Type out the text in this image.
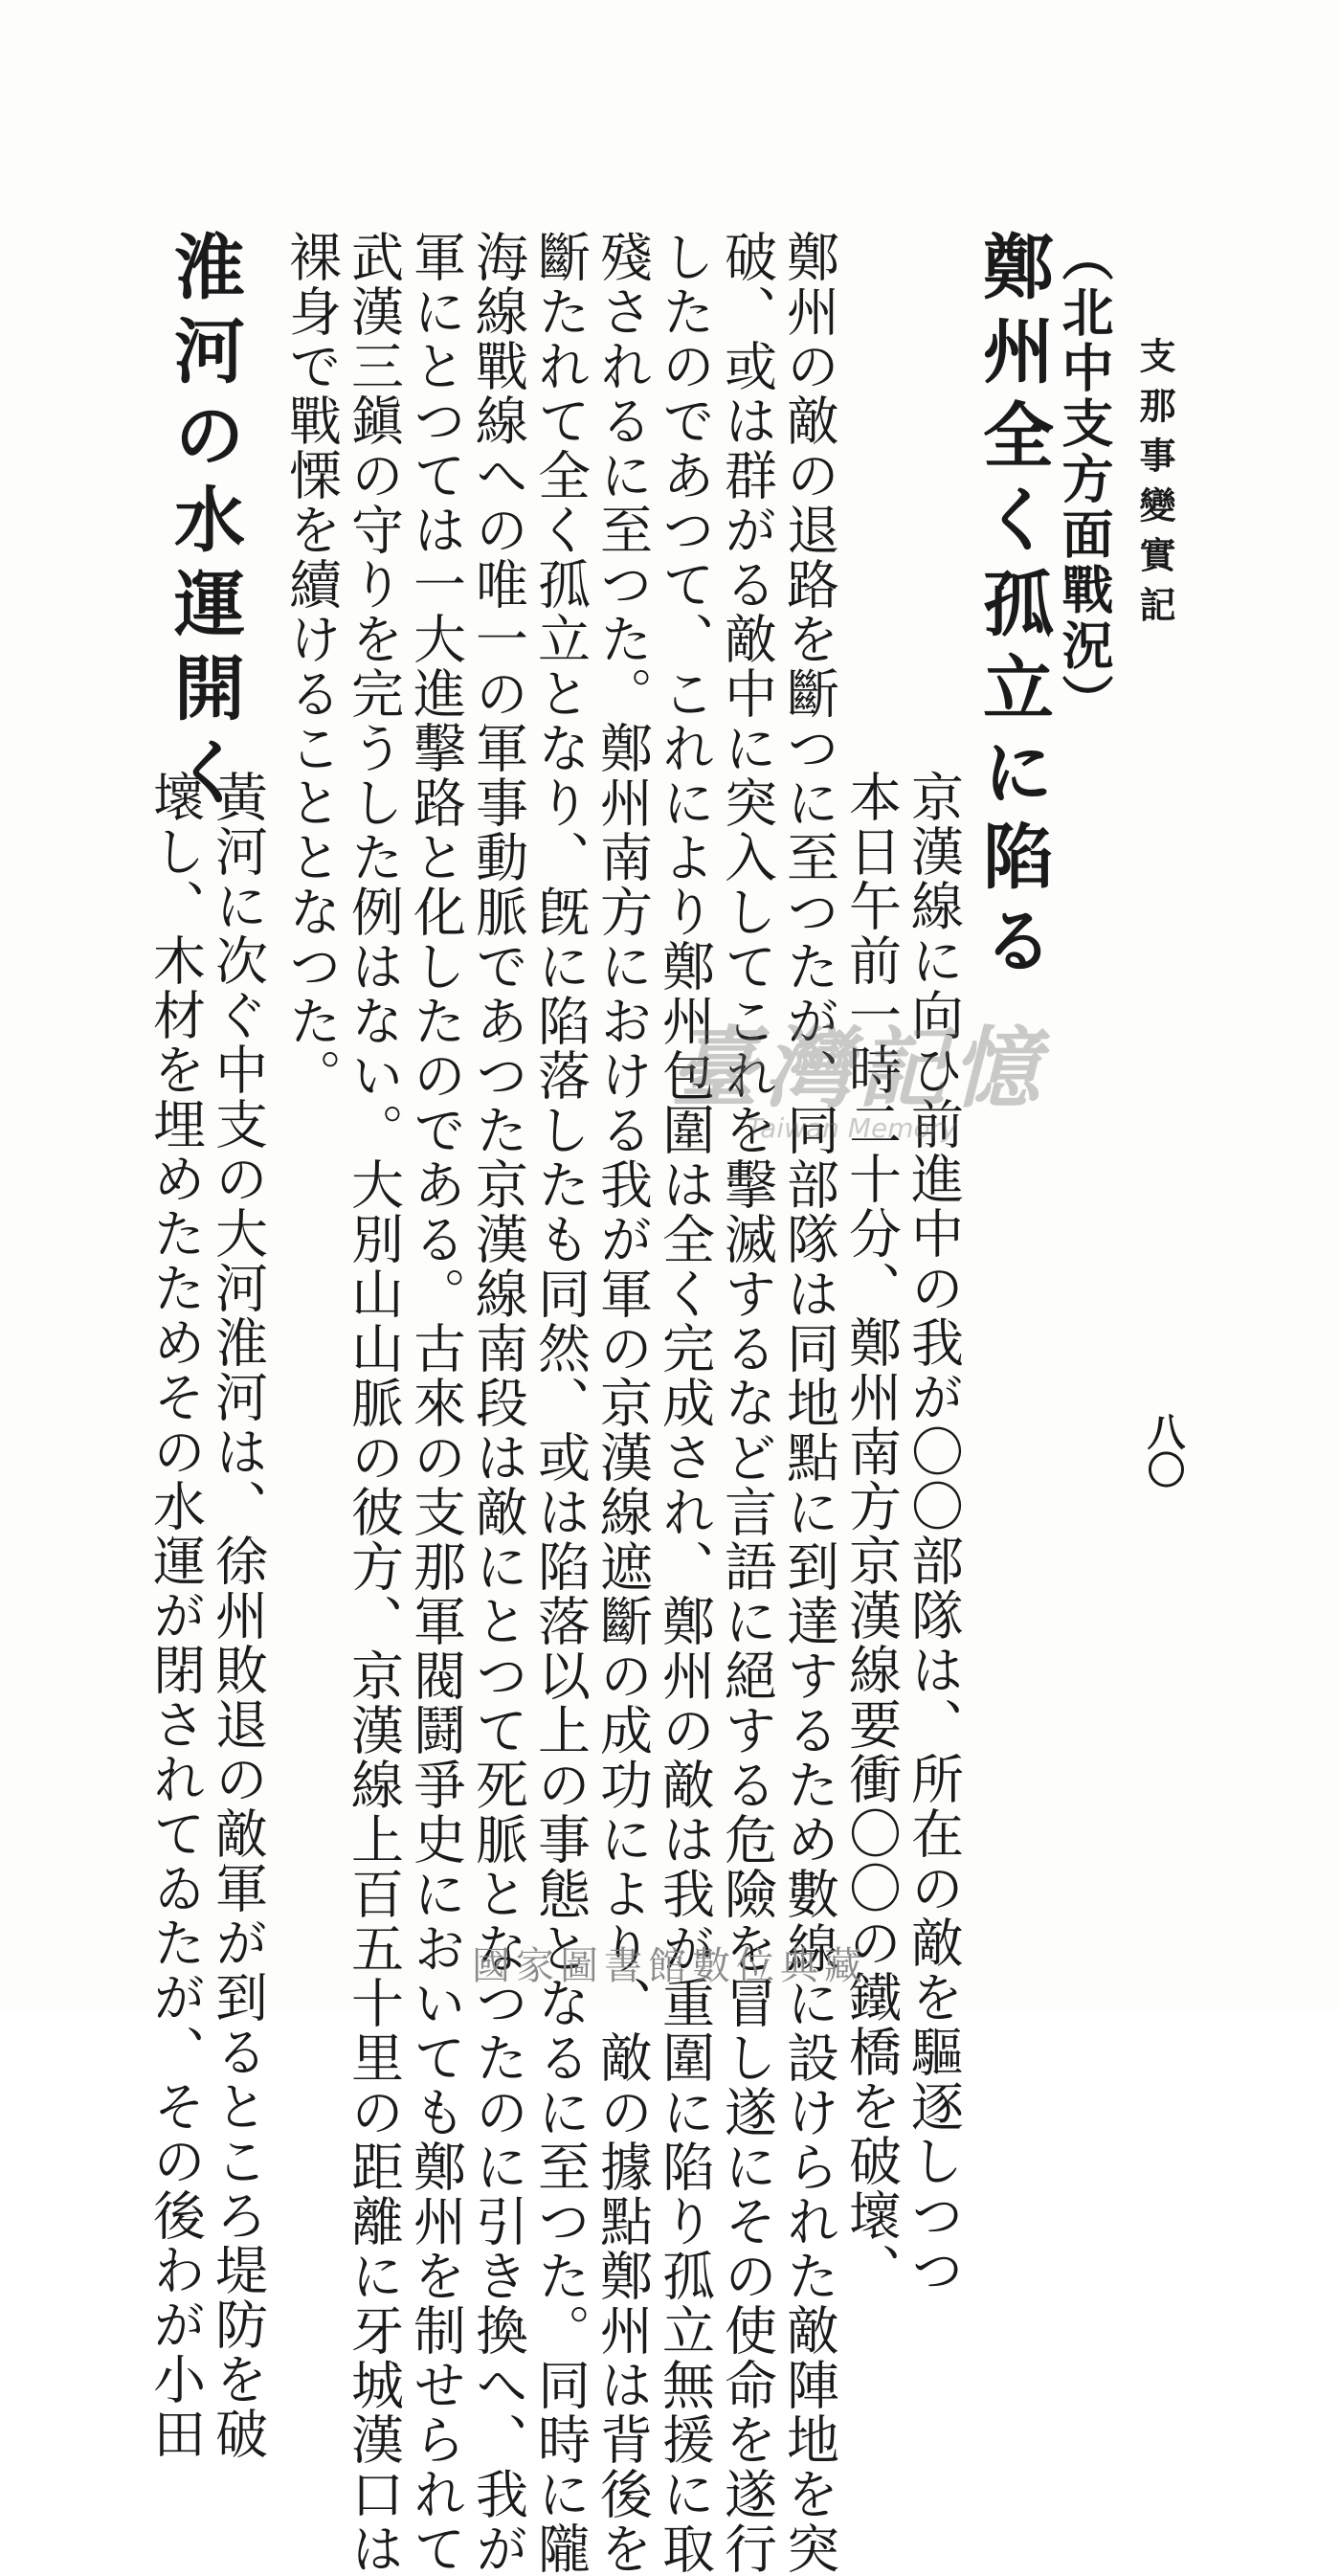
支那事變實記
八〇
（北中支方面戰況）
鄭州全く孤立に陷る
京漢線に向ひ前進中の我が〇〇部隊は、所在の敵を驅逐しつつ
本日午前一時二十分、鄭州南方京漢線要衝〇〇の鐵橋を破壞、
鄭州の敵の退路を斷つに至つたが、同部隊は同地點に到達するため數線に設けられた敵陣地を突
破、或は群がる敵中に突入してこれを擊滅するなど言語に絕する危險を冒し遂にその使命を遂行
したのであつて、これにより鄭州包圍は全く完成され、鄭州の敵は我が重圍に陷り孤立無援に取
殘されるに至つた。鄭州南方における我が軍の京漢線遮斷の成功により、敵の據點鄭州は背後を
斷たれて全く孤立となり、旣に陷落したも同然、或は陷落以上の事態となるに至つた。同時に隴
海線戰線への唯一の軍事動脈であつた京漢線南段は敵にとつて死脈となつたのに引き換へ、我が
軍にとつては一大進擊路と化したのである。古來の支那軍閥鬪爭史においても鄭州を制せられて
武漢三鎭の守りを完うした例はない。大別山山脈の彼方、京漢線上百五十里の距離に牙城漢口は
裸身で戰慄を續けることとなつた。
淮河の水運開く
黃河に次ぐ中支の大河淮河は、徐州敗退の敵軍が到るところ堤防を破
壞し、木材を埋めたためその水運が閉されてゐたが、その後わが小田	臺灣記憶
Taiwan Memory
國家圖書館數位典藏
